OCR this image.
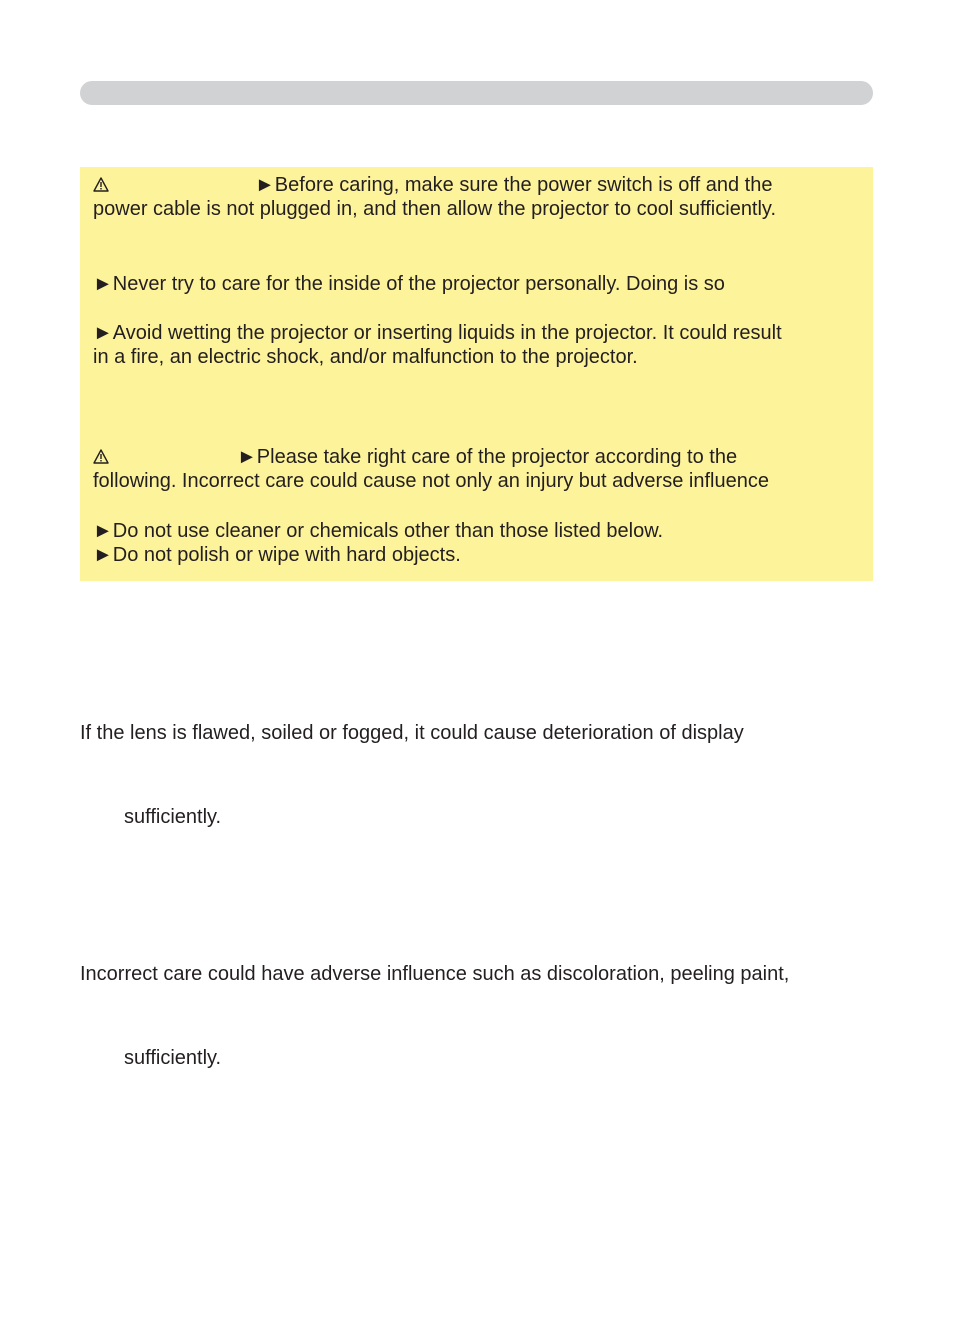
►Before caring, make sure the power switch is off and the
power cable is not plugged in, and then allow the projector to cool sufficiently.
►Never try to care for the inside of the projector personally. Doing is so
►Avoid wetting the projector or inserting liquids in the projector. It could result
in a fire, an electric shock, and/or malfunction to the projector.
►Please take right care of the projector according to the
following. Incorrect care could cause not only an injury but adverse influence
►Do not use cleaner or chemicals other than those listed below.
►Do not polish or wipe with hard objects.
If the lens is flawed, soiled or fogged, it could cause deterioration of display
sufficiently.
Incorrect care could have adverse influence such as discoloration, peeling paint,
sufficiently.
